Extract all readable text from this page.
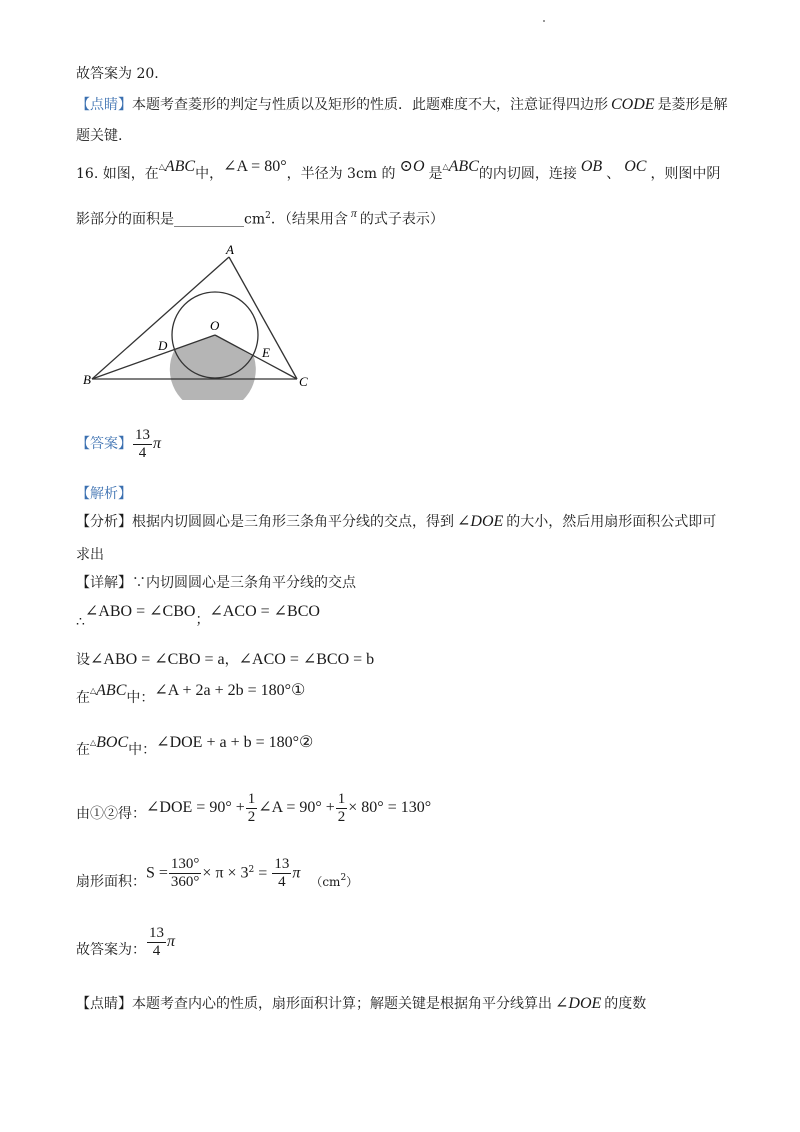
故答案为 20.
【点睛】本题考查菱形的判定与性质以及矩形的性质．此题难度不大，注意证得四边形 CODE 是菱形是解
题关键.
16. 如图，在△ABC中，∠A = 80°，半径为 3cm 的 ⊙O 是△ABC的内切圆，连接 OB 、 OC ，则图中阴
影部分的面积是$\_\_\_\_\_\_\_\_\_\_cm^2$．（结果用含 π 的式子表示）
A
B	C
O
D	E
【答案】 $\frac{13}{4}$ π
【解析】
【分析】根据内切圆圆心是三角形三条角平分线的交点，得到 ∠DOE 的大小，然后用扇形面积公式即可
求出
【详解】∵内切圆圆心是三条角平分线的交点
∴∠ABO = ∠CBO；∠ACO = ∠BCO
设∠ABO = ∠CBO = a，∠ACO = ∠BCO = b
在△ABC中：∠A + 2a + 2b = 180°①
在△BOC中：∠DOE + a + b = 180°②
由①②得：∠DOE = $90^\circ + \frac{1}{2}$ ∠A = $90^\circ + \frac{1}{2} \times 80^\circ = 130^\circ$
扇形面积：$S = \frac{130^\circ}{360^\circ} \times \pi \times 3^2 = \frac{13}{4}$ π $(cm^2)$
故答案为： $\frac{13}{4}$ π
【点睛】本题考查内心的性质，扇形面积计算；解题关键是根据角平分线算出 ∠DOE 的度数
